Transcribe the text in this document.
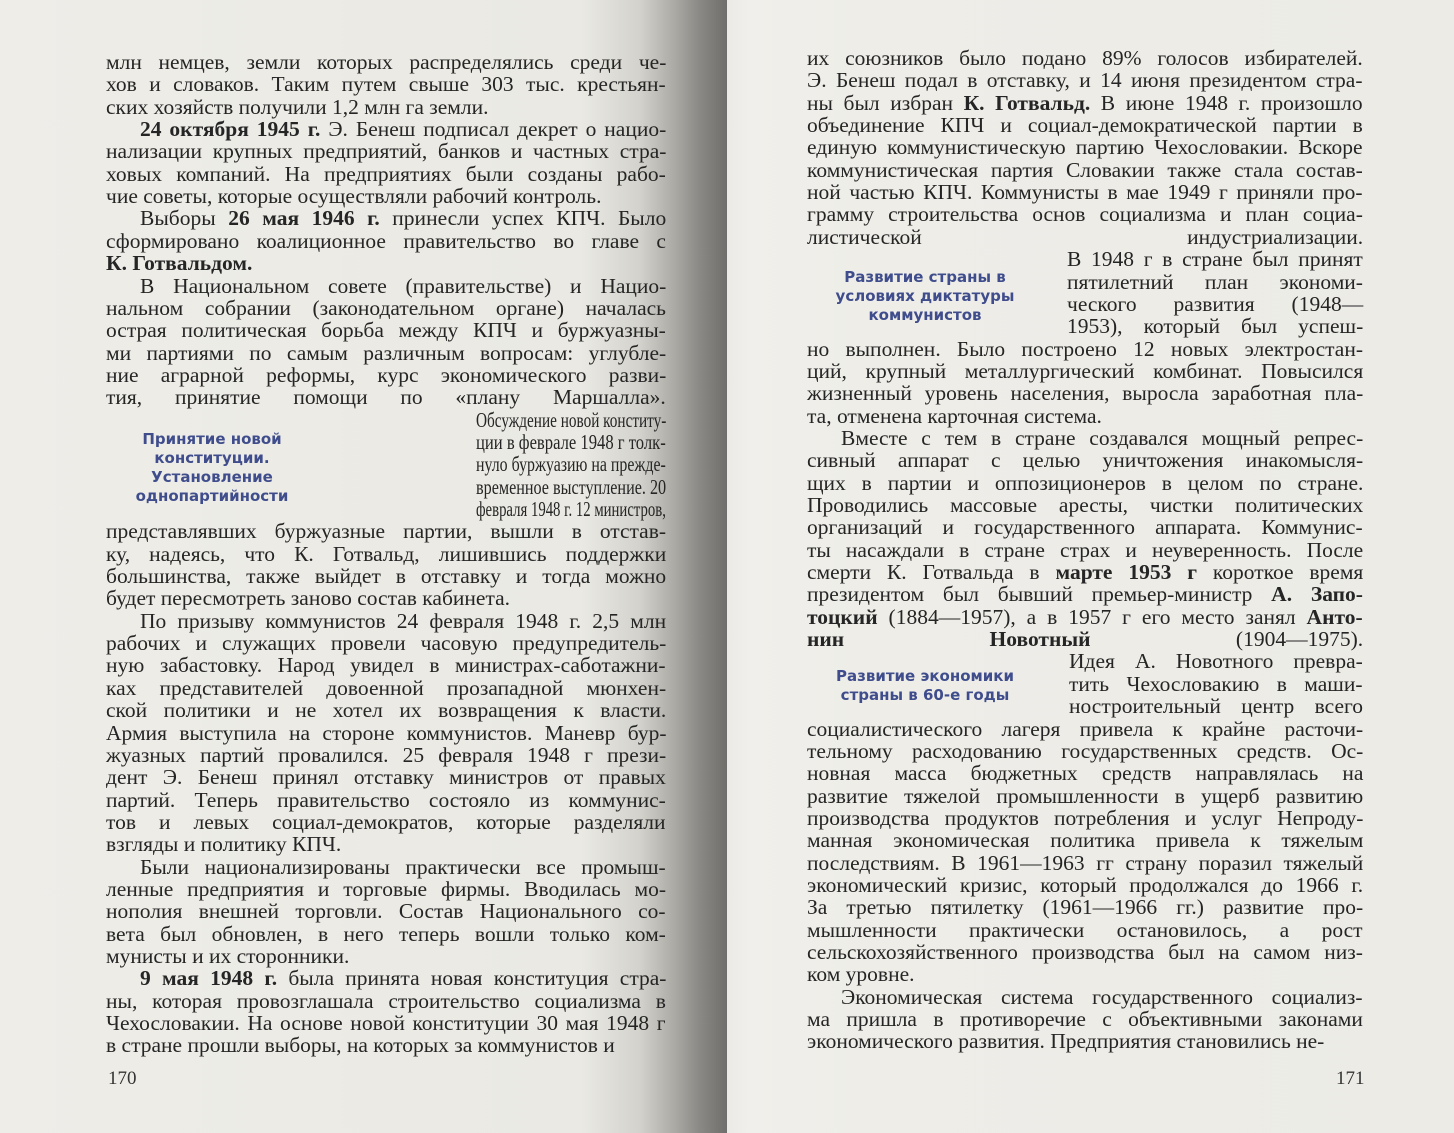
млн немцев, земли которых распределялись среди че-

хов и словаков. Таким путем свыше 303 тыс. крестьян-

ских хозяйств получили 1,2 млн га земли.

24 октября 1945 г. Э. Бенеш подписал декрет о нацио-

нализации крупных предприятий, банков и частных стра-

ховых компаний. На предприятиях были созданы рабо-

чие советы, которые осуществляли рабочий контроль.

Выборы 26 мая 1946 г. принесли успех КПЧ. Было

сформировано коалиционное правительство во главе с

К. Готвальдом.

В Национальном совете (правительстве) и Нацио-

нальном собрании (законодательном органе) началась

острая политическая борьба между КПЧ и буржуазны-

ми партиями по самым различным вопросам: углубле-

ние аграрной реформы, курс экономического разви-

тия, принятие помощи по «плану Маршалла».

Обсуждение новой конститу-

ции в феврале 1948 г толк-

нуло буржуазию на прежде-

временное выступление. 20

февраля 1948 г. 12 министров,

представлявших буржуазные партии, вышли в отстав-

ку, надеясь, что К. Готвальд, лишившись поддержки

большинства, также выйдет в отставку и тогда можно

будет пересмотреть заново состав кабинета.

По призыву коммунистов 24 февраля 1948 г. 2,5 млн

рабочих и служащих провели часовую предупредитель-

ную забастовку. Народ увидел в министрах-саботажни-

ках представителей довоенной прозападной мюнхен-

ской политики и не хотел их возвращения к власти.

Армия выступила на стороне коммунистов. Маневр бур-

жуазных партий провалился. 25 февраля 1948 г прези-

дент Э. Бенеш принял отставку министров от правых

партий. Теперь правительство состояло из коммунис-

тов и левых социал-демократов, которые разделяли

взгляды и политику КПЧ.

Были национализированы практически все промыш-

ленные предприятия и торговые фирмы. Вводилась мо-

нополия внешней торговли. Состав Национального со-

вета был обновлен, в него теперь вошли только ком-

мунисты и их сторонники.

9 мая 1948 г. была принята новая конституция стра-

ны, которая провозглашала строительство социализма в

Чехословакии. На основе новой конституции 30 мая 1948 г

в стране прошли выборы, на которых за коммунистов и

Принятие новой
конституции.
Установление
однопартийности
170

их союзников было подано 89% голосов избирателей.

Э. Бенеш подал в отставку, и 14 июня президентом стра-

ны был избран К. Готвальд. В июне 1948 г. произошло

объединение КПЧ и социал-демократической партии в

единую коммунистическую партию Чехословакии. Вскоре

коммунистическая партия Словакии также стала состав-

ной частью КПЧ. Коммунисты в мае 1949 г приняли про-

грамму строительства основ социализма и план социа-

листической индустриализации.

В 1948 г в стране был принят

пятилетний план экономи-

ческого развития (1948—

1953), который был успеш-

но выполнен. Было построено 12 новых электростан-

ций, крупный металлургический комбинат. Повысился

жизненный уровень населения, выросла заработная пла-

та, отменена карточная система.

Вместе с тем в стране создавался мощный репрес-

сивный аппарат с целью уничтожения инакомысля-

щих в партии и оппозиционеров в целом по стране.

Проводились массовые аресты, чистки политических

организаций и государственного аппарата. Коммунис-

ты насаждали в стране страх и неуверенность. После

смерти К. Готвальда в марте 1953 г короткое время

президентом был бывший премьер-министр А. Запо-

тоцкий (1884—1957), а в 1957 г его место занял Анто-

нин Новотный (1904—1975).

Идея А. Новотного превра-

тить Чехословакию в маши-

ностроительный центр всего

социалистического лагеря привела к крайне расточи-

тельному расходованию государственных средств. Ос-

новная масса бюджетных средств направлялась на

развитие тяжелой промышленности в ущерб развитию

производства продуктов потребления и услуг Непроду-

манная экономическая политика привела к тяжелым

последствиям. В 1961—1963 гг страну поразил тяжелый

экономический кризис, который продолжался до 1966 г.

За третью пятилетку (1961—1966 гг.) развитие про-

мышленности практически остановилось, а рост

сельскохозяйственного производства был на самом низ-

ком уровне.

Экономическая система государственного социализ-

ма пришла в противоречие с объективными законами

экономического развития. Предприятия становились не-

Развитие страны в
условиях диктатуры
коммунистов
Развитие экономики
страны в 60-е годы
171
